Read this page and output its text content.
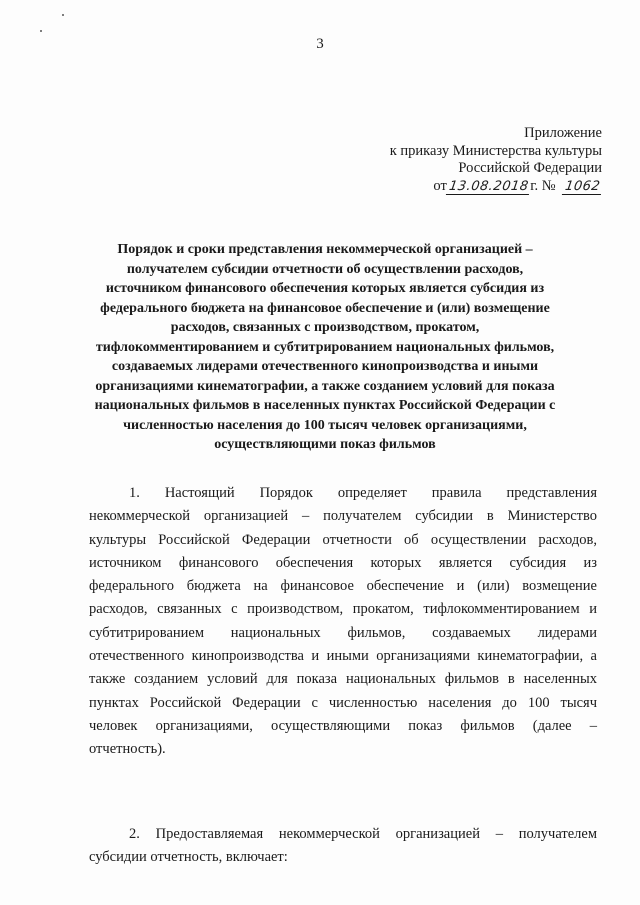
3
Приложение
к приказу Министерства культуры
Российской Федерации
от13.08.2018г. № 1062
Порядок и сроки представления некоммерческой организацией –
получателем субсидии отчетности об осуществлении расходов,
источником финансового обеспечения которых является субсидия из
федерального бюджета на финансовое обеспечение и (или) возмещение
расходов, связанных с производством, прокатом,
тифлокомментированием и субтитрированием национальных фильмов,
создаваемых лидерами отечественного кинопроизводства и иными
организациями кинематографии, а также созданием условий для показа
национальных фильмов в населенных пунктах Российской Федерации с
численностью населения до 100 тысяч человек организациями,
осуществляющими показ фильмов
1. Настоящий Порядок определяет правила представления
некоммерческой организацией – получателем субсидии в Министерство
культуры Российской Федерации отчетности об осуществлении расходов,
источником финансового обеспечения которых является субсидия из
федерального бюджета на финансовое обеспечение и (или) возмещение
расходов, связанных с производством, прокатом, тифлокомментированием и
субтитрированием национальных фильмов, создаваемых лидерами
отечественного кинопроизводства и иными организациями кинематографии, а
также созданием условий для показа национальных фильмов в населенных
пунктах Российской Федерации с численностью населения до 100 тысяч
человек организациями, осуществляющими показ фильмов (далее –
отчетность).
2. Предоставляемая некоммерческой организацией – получателем
субсидии отчетность, включает:
